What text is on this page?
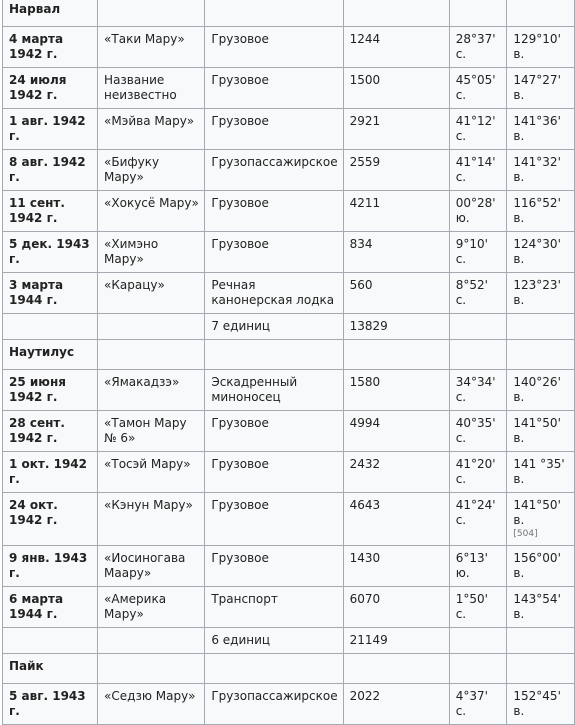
Нарвал					
4 марта 1942 г.	«Таки Мару»	Грузовое	1244	28°37' с.	129°10' в.
24 июля 1942 г.	Название неизвестно	Грузовое	1500	45°05' с.	147°27' в.
1 авг. 1942 г.	«Мэйва Мару»	Грузовое	2921	41°12' с.	141°36' в.
8 авг. 1942 г.	«Бифуку Мару»	Грузопассажирское	2559	41°14' с.	141°32' в.
11 сент. 1942 г.	«Хокусё Мару»	Грузовое	4211	00°28' ю.	116°52' в.
5 дек. 1943 г.	«Химэно Мару»	Грузовое	834	9°10' с.	124°30' в.
3 марта 1944 г.	«Карацу»	Речная канонерская лодка	560	8°52' с.	123°23' в.
		7 единиц	13829		
Наутилус					
25 июня 1942 г.	«Ямакадзэ»	Эскадренный миноносец	1580	34°34' с.	140°26' в.
28 сент. 1942 г.	«Тамон Мару № 6»	Грузовое	4994	40°35' с.	141°50' в.
1 окт. 1942 г.	«Тосэй Мару»	Грузовое	2432	41°20' с.	141 °35' в.
24 окт. 1942 г.	«Кэнун Мару»	Грузовое	4643	41°24' с.	141°50' в.
[504]

9 янв. 1943 г.	«Иосиногава Маару»	Грузовое	1430	6°13' ю.	156°00' в.
6 марта 1944 г.	«Америка Мару»	Транспорт	6070	1°50' с.	143°54' в.
		6 единиц	21149		
Пайк					
5 авг. 1943 г.	«Седзю Мару»	Грузопассажирское	2022	4°37' с.	152°45' в.
